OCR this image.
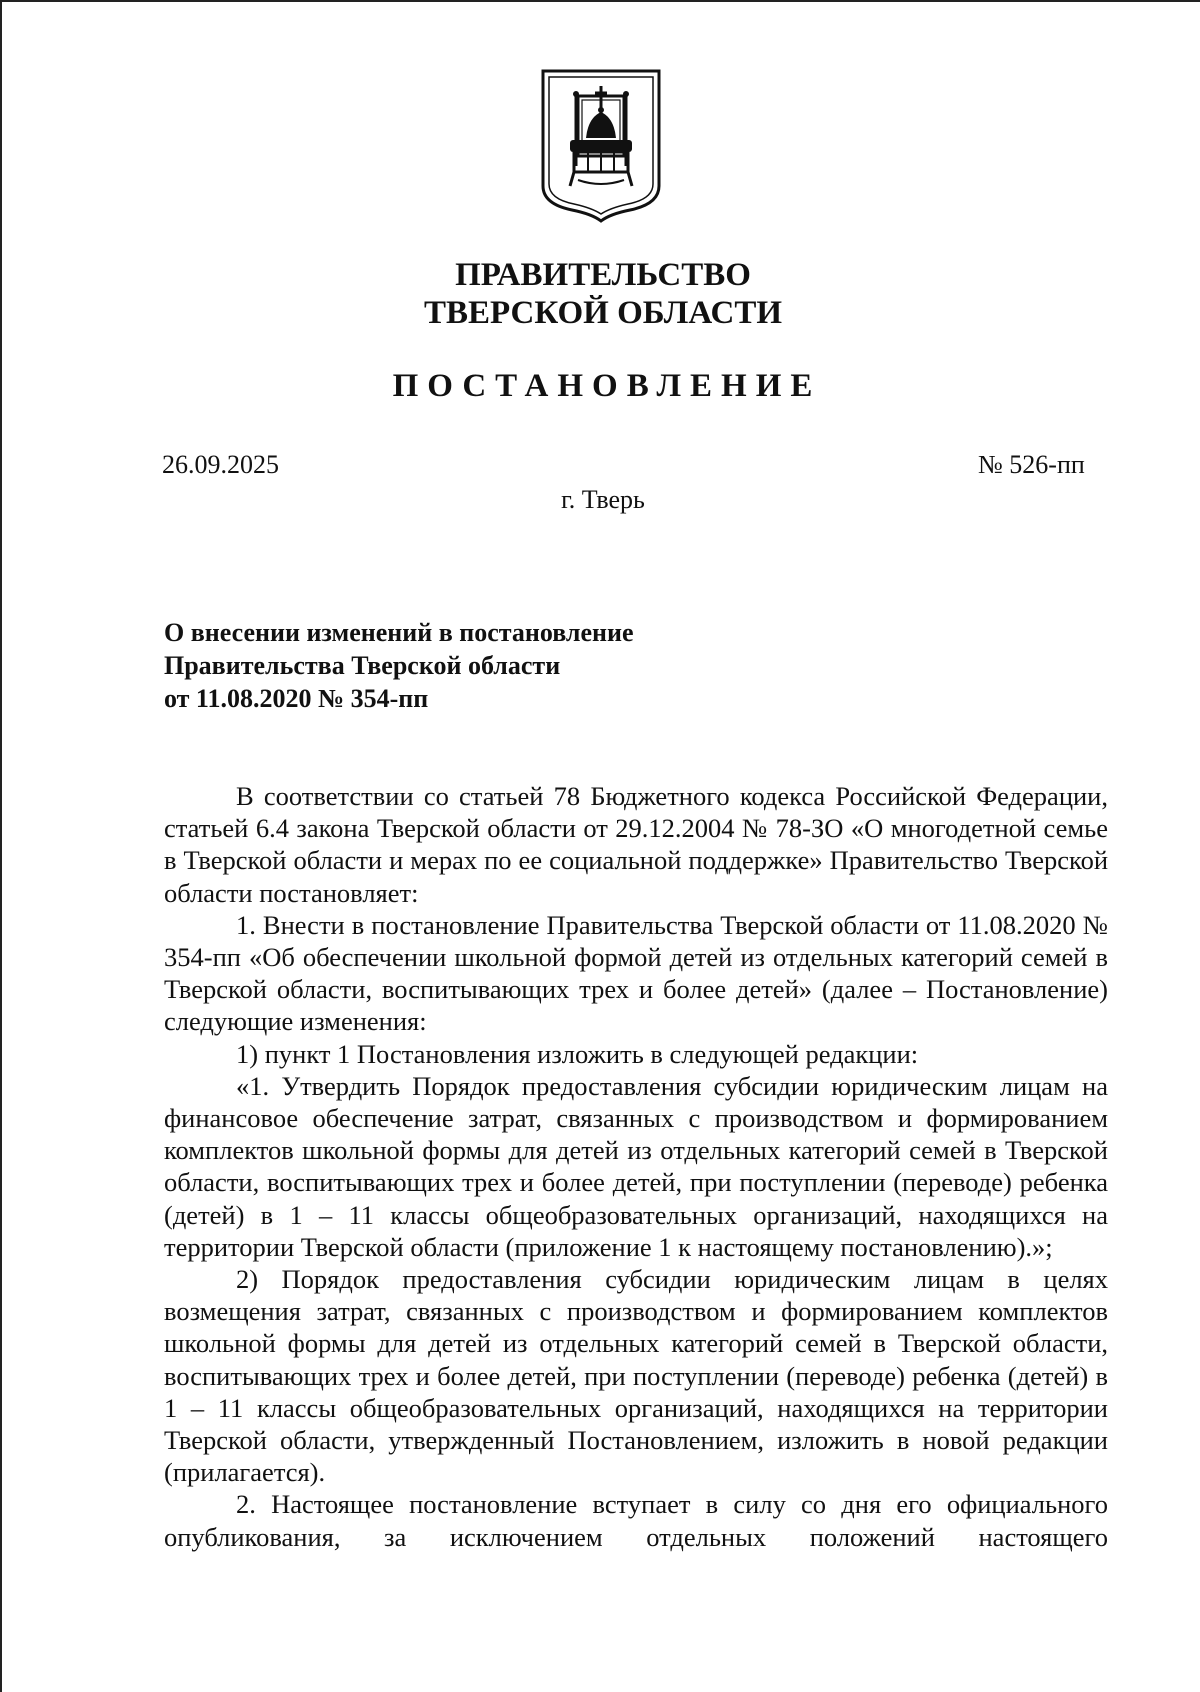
ПРАВИТЕЛЬСТВО
ТВЕРСКОЙ ОБЛАСТИ
ПОСТАНОВЛЕНИЕ
26.09.2025	№ 526-пп
г. Тверь
О внесении изменений в постановление
Правительства Тверской области
от 11.08.2020 № 354-пп

В соответствии со статьей 78 Бюджетного кодекса Российской Федерации, статьей 6.4 закона Тверской области от 29.12.2004 № 78-ЗО «О многодетной семье в Тверской области и мерах по ее социальной поддержке» Правительство Тверской области постановляет:

1. Внести в постановление Правительства Тверской области от 11.08.2020 № 354-пп «Об обеспечении школьной формой детей из отдельных категорий семей в Тверской области, воспитывающих трех и более детей» (далее – Постановление) следующие изменения:

1) пункт 1 Постановления изложить в следующей редакции:

«1. Утвердить Порядок предоставления субсидии юридическим лицам на финансовое обеспечение затрат, связанных с производством и формированием комплектов школьной формы для детей из отдельных категорий семей в Тверской области, воспитывающих трех и более детей, при поступлении (переводе) ребенка (детей) в 1 – 11 классы общеобразовательных организаций, находящихся на территории Тверской области (приложение 1 к настоящему постановлению).»;

2) Порядок предоставления субсидии юридическим лицам в целях возмещения затрат, связанных с производством и формированием комплектов школьной формы для детей из отдельных категорий семей в Тверской области, воспитывающих трех и более детей, при поступлении (переводе) ребенка (детей) в 1 – 11 классы общеобразовательных организаций, находящихся на территории Тверской области, утвержденный Постановлением, изложить в новой редакции (прилагается).

2. Настоящее постановление вступает в силу со дня его официального опубликования, за исключением отдельных положений настоящего
